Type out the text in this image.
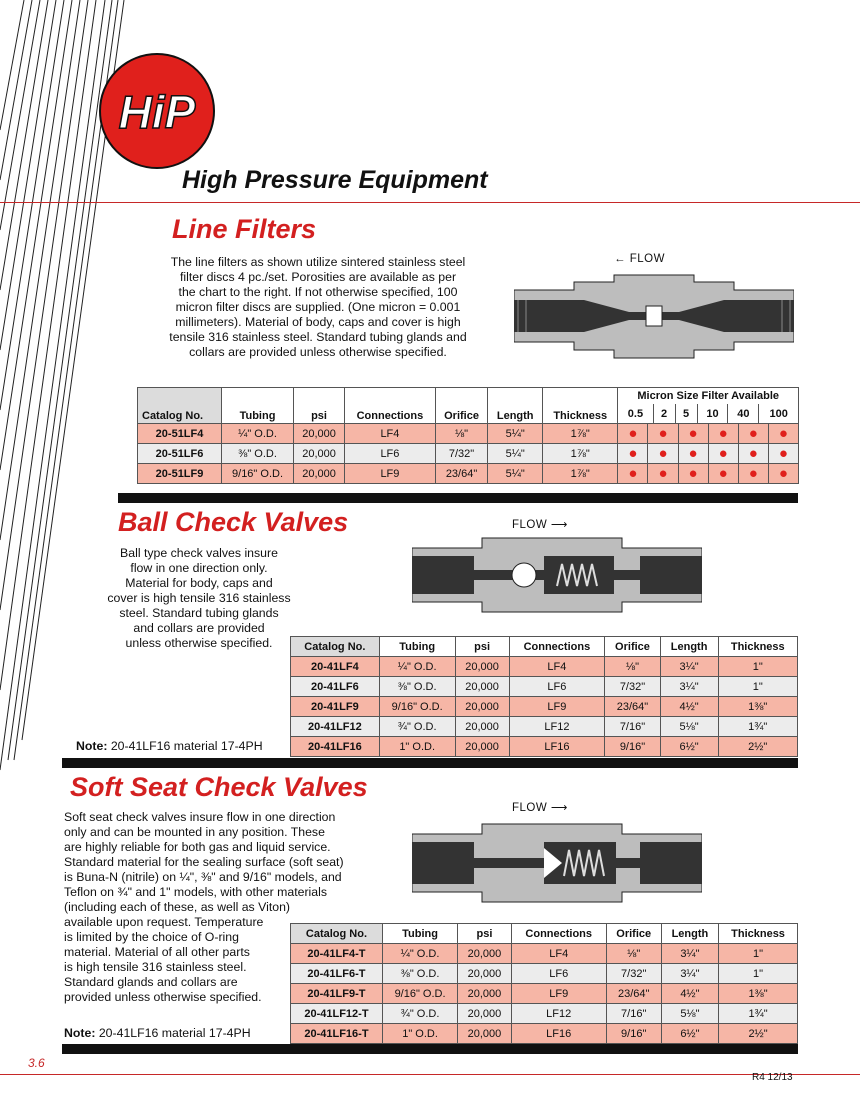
HiP
High Pressure Equipment
Line Filters
The line filters as shown utilize sintered stainless steel
filter discs 4 pc./set. Porosities are available as per
the chart to the right. If not otherwise specified, 100
micron filter discs are supplied. (One micron = 0.001
millimeters). Material of body, caps and cover is high
tensile 316 stainless steel. Standard tubing glands and
collars are provided unless otherwise specified.
← FLOW
Catalog No.	Tubing	psi	Connections	Orifice	Length	Thickness	
Micron Size Filter Available
0.5	2	5	10	40	100

20-51LF4	¼" O.D.	20,000	LF4	⅛"	5¼"	1⅞"	●	●	●	●	●	●
20-51LF6	⅜" O.D.	20,000	LF6	7/32"	5¼"	1⅞"	●	●	●	●	●	●
20-51LF9	9/16" O.D.	20,000	LF9	23/64"	5¼"	1⅞"	●	●	●	●	●	●
Ball Check Valves	FLOW ⟶
Ball type check valves insure
flow in one direction only.
Material for body, caps and
cover is high tensile 316 stainless
steel. Standard tubing glands
and collars are provided
unless otherwise specified.	Catalog No.	Tubing	psi	Connections	Orifice	Length	Thickness
20-41LF4	¼" O.D.	20,000	LF4	⅛"	3¼"	1"
20-41LF6	⅜" O.D.	20,000	LF6	7/32"	3¼"	1"
20-41LF9	9/16" O.D.	20,000	LF9	23/64"	4½"	1⅜"
20-41LF12	¾" O.D.	20,000	LF12	7/16"	5⅛"	1¾"
20-41LF16	1" O.D.	20,000	LF16	9/16"	6½"	2½"
Note: 20-41LF16 material 17-4PH
Soft Seat Check Valves
FLOW ⟶
Soft seat check valves insure flow in one direction
only and can be mounted in any position. These
are highly reliable for both gas and liquid service.
Standard material for the sealing surface (soft seat)
is Buna-N (nitrile) on ¼", ⅜" and 9/16" models, and
Teflon on ¾" and 1" models, with other materials
(including each of these, as well as Viton)
available upon request. Temperature
is limited by the choice of O-ring
material. Material of all other parts
is high tensile 316 stainless steel.
Standard glands and collars are
provided unless otherwise specified.
Catalog No.	Tubing	psi	Connections	Orifice	Length	Thickness
20-41LF4-T	¼" O.D.	20,000	LF4	⅛"	3¼"	1"
20-41LF6-T	⅜" O.D.	20,000	LF6	7/32"	3¼"	1"
20-41LF9-T	9/16" O.D.	20,000	LF9	23/64"	4½"	1⅜"
20-41LF12-T	¾" O.D.	20,000	LF12	7/16"	5⅛"	1¾"
20-41LF16-T	1" O.D.	20,000	LF16	9/16"	6½"	2½"
Note: 20-41LF16 material 17-4PH
3.6
R4 12/13
